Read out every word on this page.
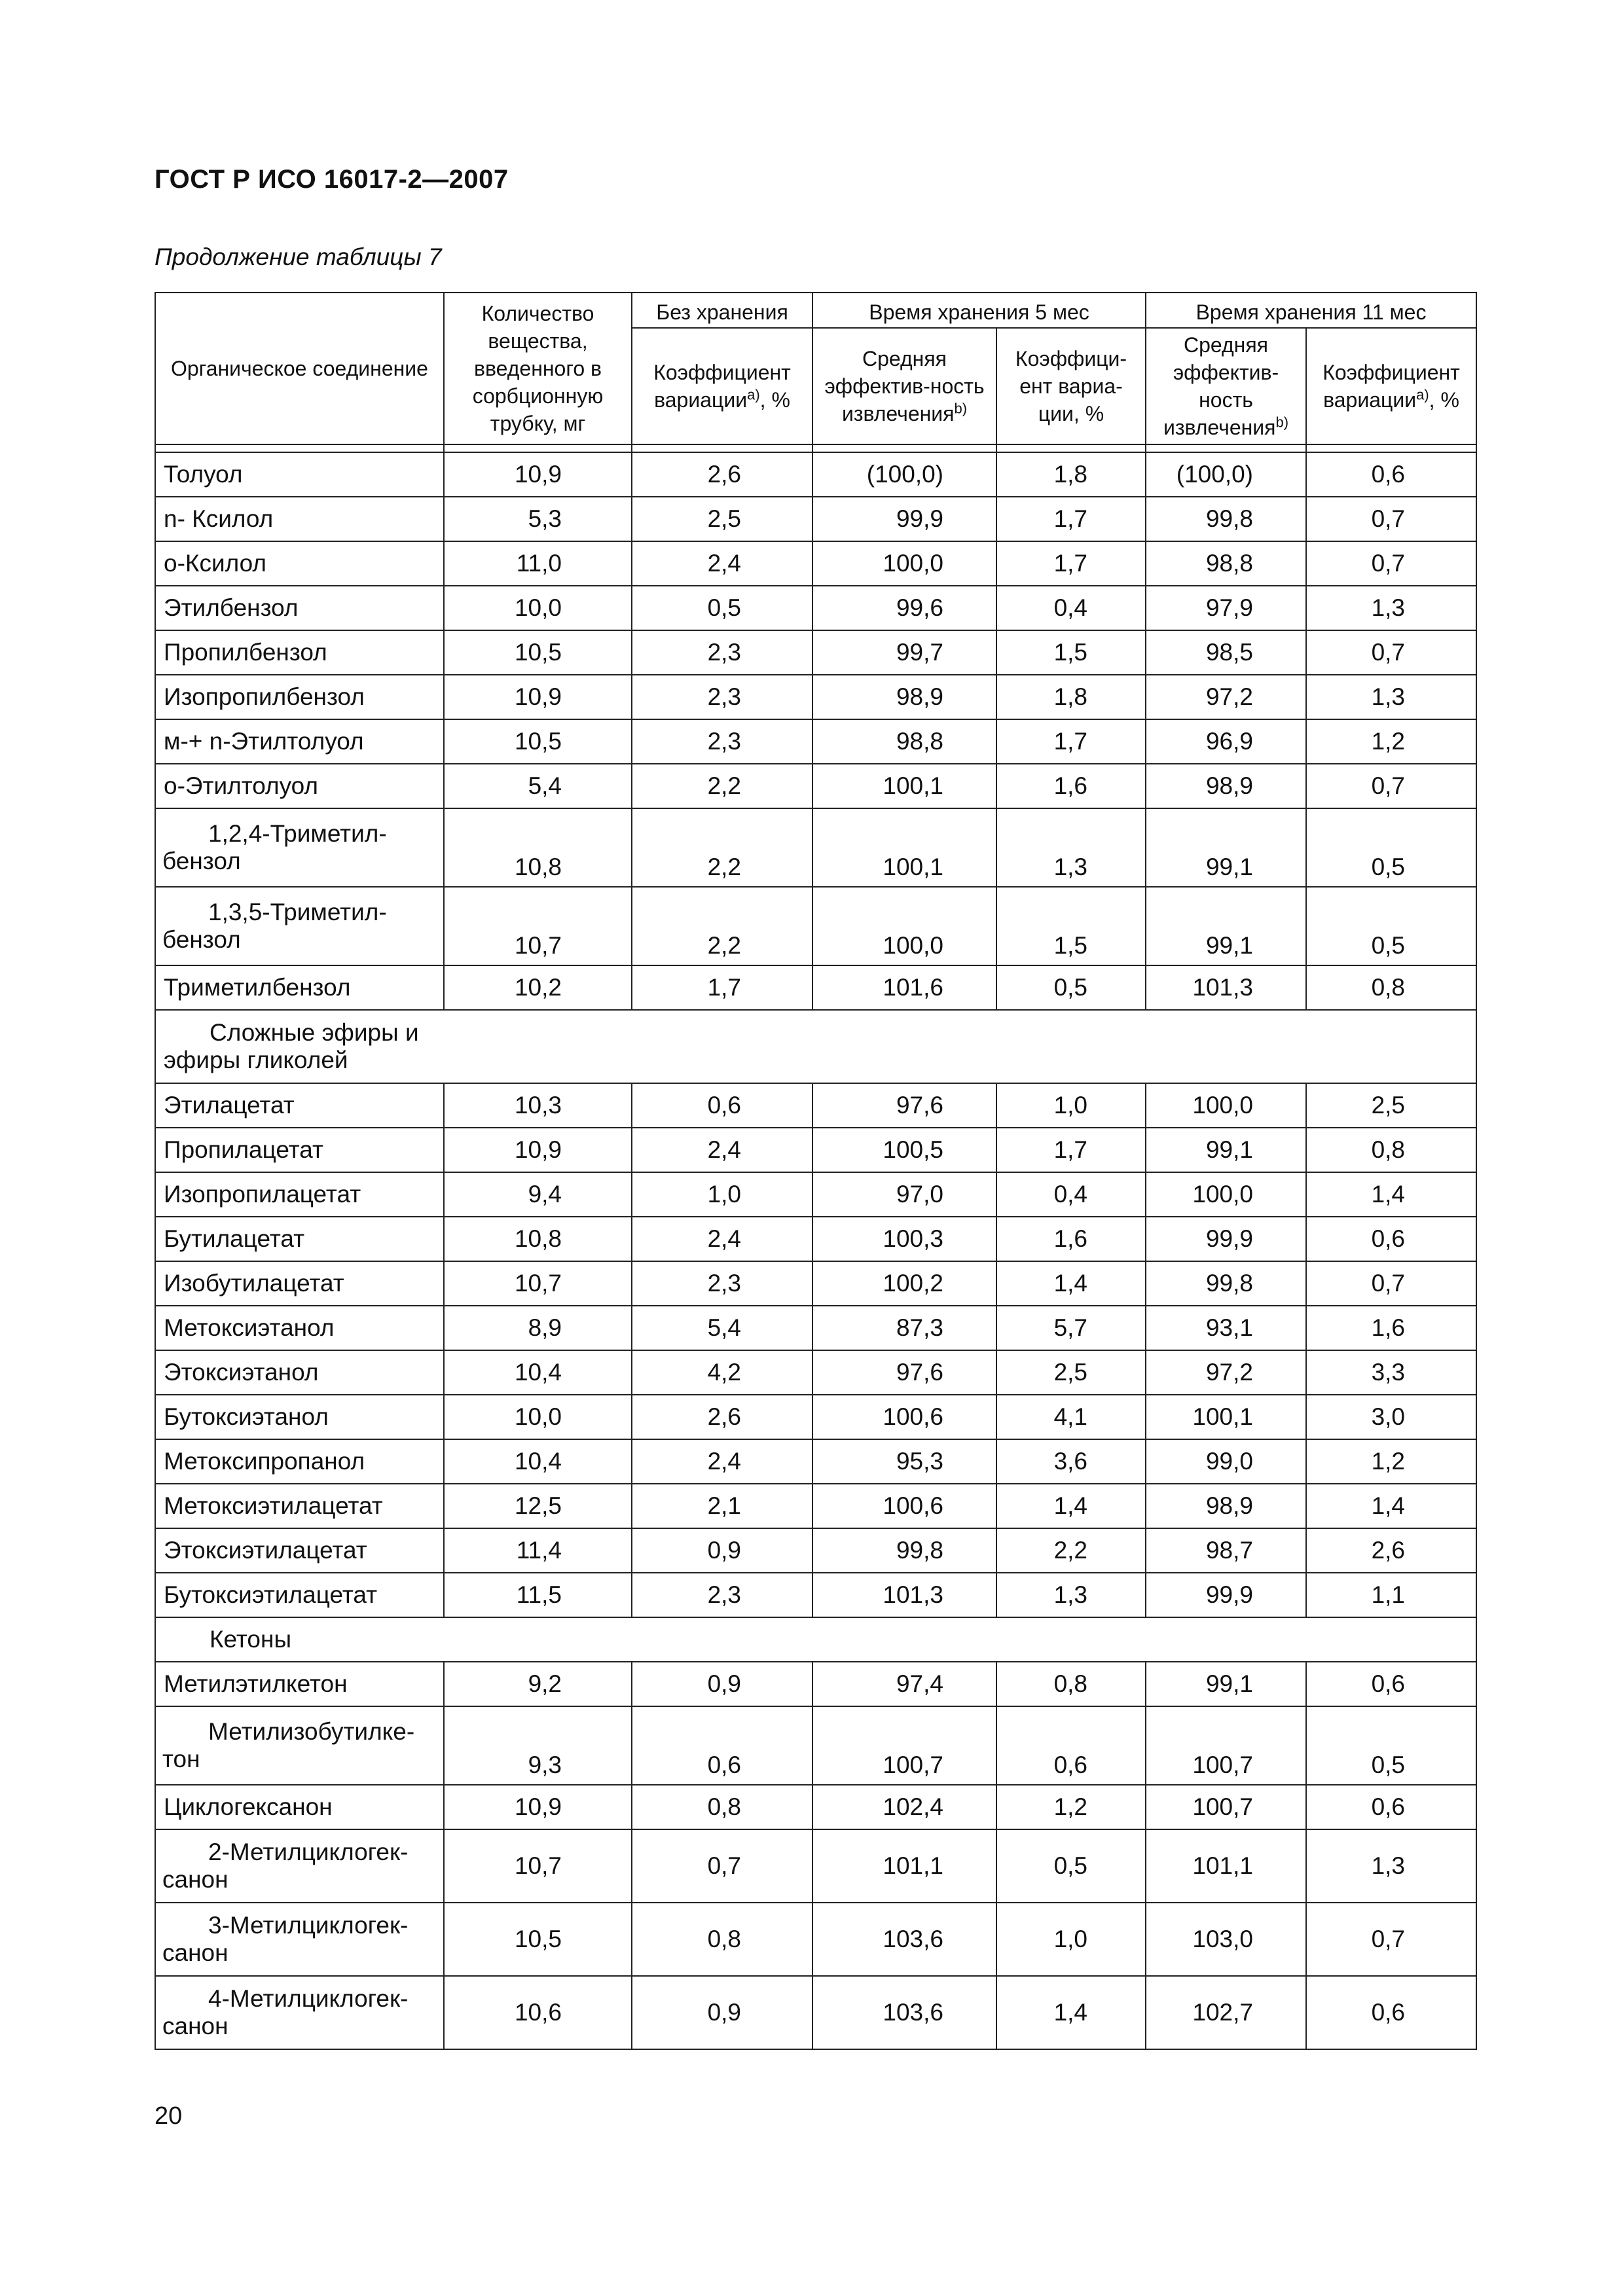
ГОСТ Р ИСО 16017-2—2007
Продолжение таблицы 7
Органическое соединение	Количество вещества, введенного в сорбционную трубку, мг	Без хранения	Время хранения 5 мес		Время хранения 11 мес	
		Коэффициент вариации$^{a)}$, %	Средняя эффектив-ность извлечения$^{b)}$	Коэффици-ент вариа-ции, %	Средняя эффектив-ность извлечения$^{b)}$	Коэффициент вариации$^{a)}$, %

Толуол	10,9	2,6	(100,0)	1,8	(100,0)	0,6
n- Ксилол	5,3	2,5	99,9	1,7	99,8	0,7
о-Ксилол	11,0	2,4	100,0	1,7	98,8	0,7
Этилбензол	10,0	0,5	99,6	0,4	97,9	1,3
Пропилбензол	10,5	2,3	99,7	1,5	98,5	0,7
Изопропилбензол	10,9	2,3	98,9	1,8	97,2	1,3
м-+ n-Этилтолуол	10,5	2,3	98,8	1,7	96,9	1,2
о-Этилтолуол	5,4	2,2	100,1	1,6	98,9	0,7

1,2,4-Триметил-
бензол	10,8	2,2	100,1	1,3	99,1	0,5

1,3,5-Триметил-
бензол	10,7	2,2	100,0	1,5	99,1	0,5
Триметилбензол	10,2	1,7	101,6	0,5	101,3	0,8

Сложные эфиры и
эфиры гликолей						

Этилацетат	10,3	0,6	97,6	1,0	100,0	2,5
Пропилацетат	10,9	2,4	100,5	1,7	99,1	0,8
Изопропилацетат	9,4	1,0	97,0	0,4	100,0	1,4
Бутилацетат	10,8	2,4	100,3	1,6	99,9	0,6
Изобутилацетат	10,7	2,3	100,2	1,4	99,8	0,7
Метоксиэтанол	8,9	5,4	87,3	5,7	93,1	1,6
Этоксиэтанол	10,4	4,2	97,6	2,5	97,2	3,3
Бутоксиэтанол	10,0	2,6	100,6	4,1	100,1	3,0
Метоксипропанол	10,4	2,4	95,3	3,6	99,0	1,2
Метоксиэтилацетат	12,5	2,1	100,6	1,4	98,9	1,4
Этоксиэтилацетат	11,4	0,9	99,8	2,2	98,7	2,6
Бутоксиэтилацетат	11,5	2,3	101,3	1,3	99,9	1,1
Кетоны						
Метилэтилкетон	9,2	0,9	97,4	0,8	99,1	0,6

Метилизобутилке-
тон	9,3	0,6	100,7	0,6	100,7	0,5
Циклогексанон	10,9	0,8	102,4	1,2	100,7	0,6

2-Метилциклогек-
санон	10,7	0,7	101,1	0,5	101,1	1,3

3-Метилциклогек-
санон	10,5	0,8	103,6	1,0	103,0	0,7

4-Метилциклогек-
санон	10,6	0,9	103,6	1,4	102,7	0,6
20
